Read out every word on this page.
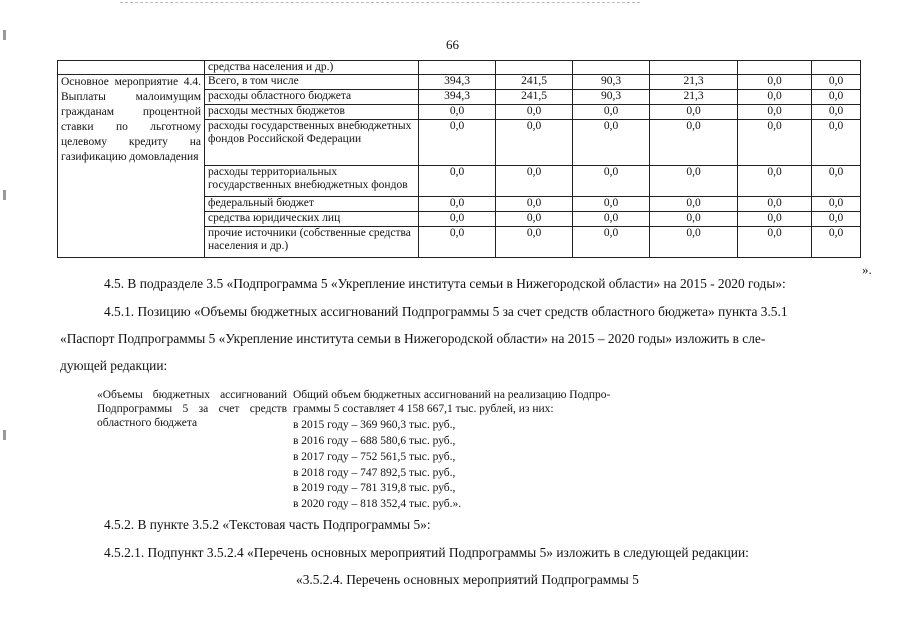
66
	средства населения и др.)						
Основное мероприятие 4.4. Выплаты малоимущим гражданам процентной ставки по льготному целевому кредиту на газификацию домовладения	Всего, в том числе	394,3	241,5	90,3	21,3	0,0	0,0
	расходы областного бюджета	394,3	241,5	90,3	21,3	0,0	0,0
	расходы местных бюджетов	0,0	0,0	0,0	0,0	0,0	0,0
	расходы государственных внебюджетных фондов Российской Федерации	0,0	0,0	0,0	0,0	0,0	0,0
	расходы территориальных государственных внебюджетных фондов	0,0	0,0	0,0	0,0	0,0	0,0
	федеральный бюджет	0,0	0,0	0,0	0,0	0,0	0,0
	средства юридических лиц	0,0	0,0	0,0	0,0	0,0	0,0
	прочие источники (собственные средства населения и др.)	0,0	0,0	0,0	0,0	0,0	0,0
».
4.5. В подразделе 3.5 «Подпрограмма 5 «Укрепление института семьи в Нижегородской области» на 2015 - 2020 годы»:
4.5.1. Позицию «Объемы бюджетных ассигнований Подпрограммы 5 за счет средств областного бюджета» пункта 3.5.1
«Паспорт Подпрограммы 5 «Укрепление института семьи в Нижегородской области» на 2015 – 2020 годы» изложить в сле-
дующей редакции:
«Объемы бюджетных ассигнований Подпрограммы 5 за счет средств областного бюджета
Общий объем бюджетных ассигнований на реализацию Подпро-
граммы 5 составляет 4 158 667,1 тыс. рублей, из них:
в 2015 году – 369 960,3 тыс. руб.,
в 2016 году – 688 580,6 тыс. руб.,
в 2017 году – 752 561,5 тыс. руб.,
в 2018 году – 747 892,5 тыс. руб.,
в 2019 году – 781 319,8 тыс. руб.,
в 2020 году – 818 352,4 тыс. руб.».
4.5.2. В пункте 3.5.2 «Текстовая часть Подпрограммы 5»:
4.5.2.1. Подпункт 3.5.2.4 «Перечень основных мероприятий Подпрограммы 5» изложить в следующей редакции:
«3.5.2.4. Перечень основных мероприятий Подпрограммы 5
